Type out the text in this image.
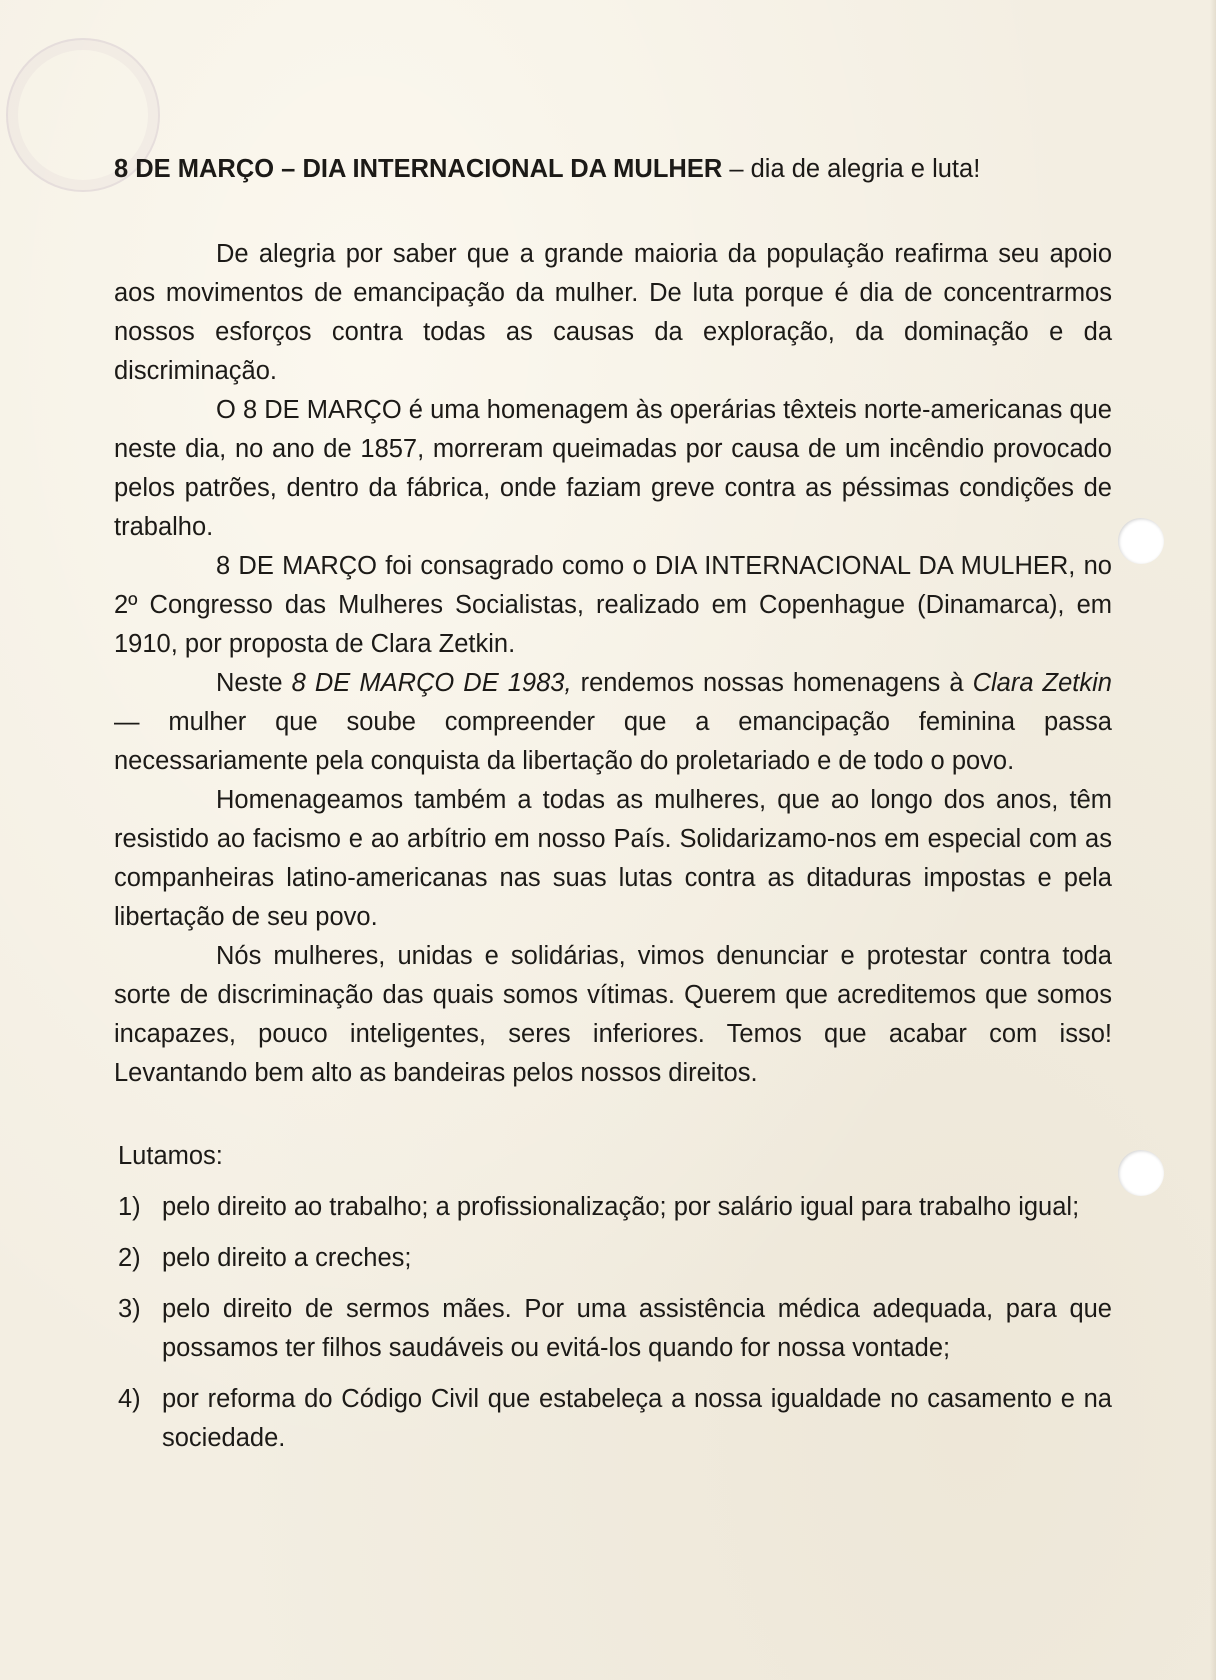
8 DE MARÇO – DIA INTERNACIONAL DA MULHER – dia de alegria e luta!

De alegria por saber que a grande maioria da população reafirma seu apoio aos movimentos de emancipação da mulher. De luta porque é dia de concentrarmos nossos esforços contra todas as causas da exploração, da dominação e da discriminação.

O 8 DE MARÇO é uma homenagem às operárias têxteis norte-americanas que neste dia, no ano de 1857, morreram queimadas por causa de um incêndio provocado pelos patrões, dentro da fábrica, onde faziam greve contra as péssimas condições de trabalho.

8 DE MARÇO foi consagrado como o DIA INTERNACIONAL DA MULHER, no 2º Congresso das Mulheres Socialistas, realizado em Copenhague (Dinamarca), em 1910, por proposta de Clara Zetkin.

Neste 8 DE MARÇO DE 1983, rendemos nossas homenagens à Clara Zetkin — mulher que soube compreender que a emancipação feminina passa necessariamente pela conquista da libertação do proletariado e de todo o povo.

Homenageamos também a todas as mulheres, que ao longo dos anos, têm resistido ao facismo e ao arbítrio em nosso País. Solidarizamo-nos em especial com as companheiras latino-americanas nas suas lutas contra as ditaduras impostas e pela libertação de seu povo.

Nós mulheres, unidas e solidárias, vimos denunciar e protestar contra toda sorte de discriminação das quais somos vítimas. Querem que acreditemos que somos incapazes, pouco inteligentes, seres inferiores. Temos que acabar com isso! Levantando bem alto as bandeiras pelos nossos direitos.

Lutamos:

1) pelo direito ao trabalho; a profissionalização; por salário igual para trabalho igual;
2) pelo direito a creches;
3) pelo direito de sermos mães. Por uma assistência médica adequada, para que possamos ter filhos saudáveis ou evitá-los quando for nossa vontade;
4) por reforma do Código Civil que estabeleça a nossa igualdade no casamento e na sociedade.
